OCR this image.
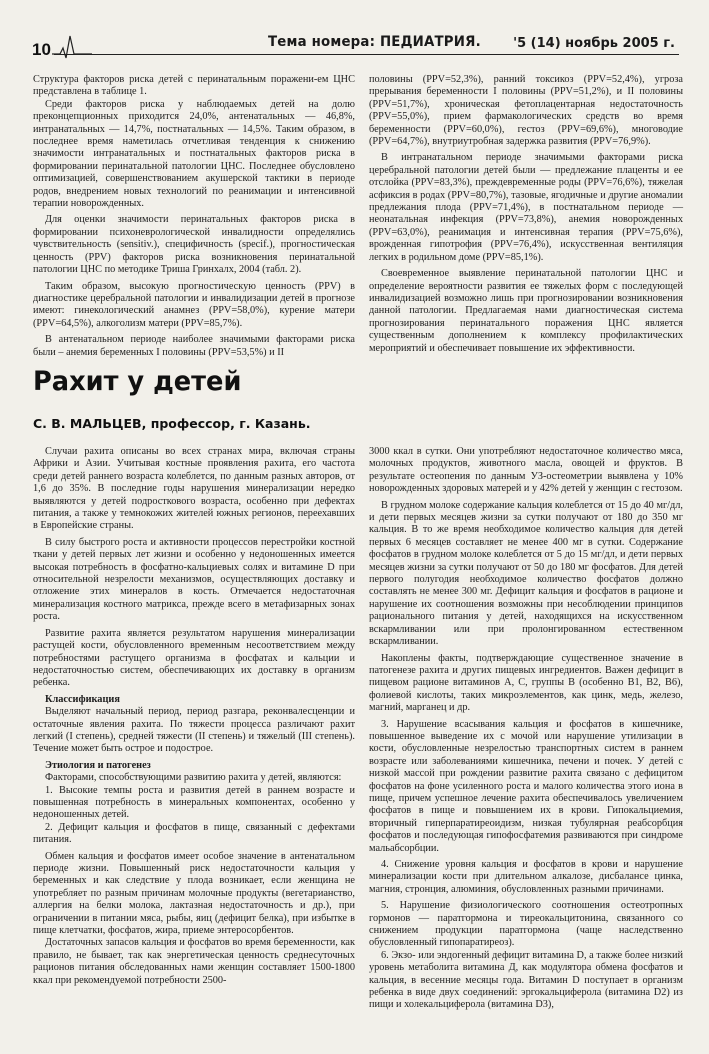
10	Тема номера: ПЕДИАТРИЯ. '5 (14) ноябрь 2005 г.

Структура факторов риска детей с перинатальным поражени-ем ЦНС представлена в таблице 1.

Среди факторов риска у наблюдаемых детей на долю преконцепционных приходится 24,0%, антенатальных — 46,8%, интранатальных — 14,7%, постнатальных — 14,5%. Таким образом, в последнее время наметилась отчетливая тенденция к снижению значимости интранатальных и постнатальных факторов риска в формировании перинатальной патологии ЦНС. Последнее обусловлено оптимизацией, совершенствованием акушерской тактики в периоде родов, внедрением новых технологий по реанимации и интенсивной терапии новорожденных.

Для оценки значимости перинатальных факторов риска в формировании психоневрологической инвалидности определялись чувствительность (sensitiv.), специфичность (specif.), прогностическая ценность (PPV) факторов риска возникновения перинатальной патологии ЦНС по методике Триша Гринхалх, 2004 (табл. 2).

Таким образом, высокую прогностическую ценность (PPV) в диагностике церебральной патологии и инвалидизации детей в прогнозе имеют: гинекологический анамнез (PPV=58,0%), курение матери (PPV=64,5%), алкоголизм матери (PPV=85,7%).

В антенатальном периоде наиболее значимыми факторами риска были – анемия беременных I половины (PPV=53,5%) и II

половины (PPV=52,3%), ранний токсикоз (PPV=52,4%), угроза прерывания беременности I половины (PPV=51,2%), и II половины (PPV=51,7%), хроническая фетоплацентарная недостаточность (PPV=55,0%), прием фармакологических средств во время беременности (PPV=60,0%), гестоз (PPV=69,6%), многоводие (PPV=64,7%), внутриутробная задержка развития (PPV=76,9%).

В интранатальном периоде значимыми факторами риска церебральной патологии детей были — предлежание плаценты и ее отслойка (PPV=83,3%), преждевременные роды (PPV=76,6%), тяжелая асфиксия в родах (PPV=80,7%), тазовые, ягодичные и другие аномалии предлежания плода (PPV=71,4%), в постнатальном периоде — неонатальная инфекция (PPV=73,8%), анемия новорожденных (PPV=63,0%), реанимация и интенсивная терапия (PPV=75,6%), врожденная гипотрофия (PPV=76,4%), искусственная вентиляция легких в родильном доме (PPV=85,1%).

Своевременное выявление перинатальной патологии ЦНС и определение вероятности развития ее тяжелых форм с последующей инвалидизацией возможно лишь при прогнозировании возникновения данной патологии. Предлагаемая нами диагностическая система прогнозирования перинатального поражения ЦНС является существенным дополнением к комплексу профилактических мероприятий и обеспечивает повышение их эффективности.

Рахит у детей
С. В. МАЛЬЦЕВ, профессор, г. Казань.

Случаи рахита описаны во всех странах мира, включая страны Африки и Азии. Учитывая костные проявления рахита, его частота среди детей раннего возраста колеблется, по данным разных авторов, от 1,6 до 35%. В последние годы нарушения минерализации нередко выявляются у детей подросткового возраста, особенно при дефектах питания, а также у темнокожих жителей южных регионов, переехавших в Европейские страны.

В силу быстрого роста и активности процессов перестройки костной ткани у детей первых лет жизни и особенно у недоношенных имеется высокая потребность в фосфатно-кальциевых солях и витамине D при относительной незрелости механизмов, осуществляющих доставку и отложение этих минералов в кость. Отмечается недостаточная минерализация костного матрикса, прежде всего в метафизарных зонах роста.

Развитие рахита является результатом нарушения минерализации растущей кости, обусловленного временным несоответствием между потребностями растущего организма в фосфатах и кальции и недостаточностью систем, обеспечивающих их доставку в организм ребенка.

Классификация

Выделяют начальный период, период разгара, реконвалесценции и остаточные явления рахита. По тяжести процесса различают рахит легкий (I степень), средней тяжести (II степень) и тяжелый (III степень). Течение может быть острое и подострое.

Этиология и патогенез

Факторами, способствующими развитию рахита у детей, являются:

1. Высокие темпы роста и развития детей в раннем возрасте и повышенная потребность в минеральных компонентах, особенно у недоношенных детей.

2. Дефицит кальция и фосфатов в пище, связанный с дефектами питания.

Обмен кальция и фосфатов имеет особое значение в антенатальном периоде жизни. Повышенный риск недостаточности кальция у беременных и как следствие у плода возникает, если женщина не употребляет по разным причинам молочные продукты (вегетарианство, аллергия на белки молока, лактазная недостаточность и др.), при ограничении в питании мяса, рыбы, яиц (дефицит белка), при избытке в пище клетчатки, фосфатов, жира, приеме энтеросорбентов.

Достаточных запасов кальция и фосфатов во время беременности, как правило, не бывает, так как энергетическая ценность среднесуточных рационов питания обследованных нами женщин составляет 1500-1800 ккал при рекомендуемой потребности 2500-

3000 ккал в сутки. Они употребляют недостаточное количество мяса, молочных продуктов, животного масла, овощей и фруктов. В результате остеопения по данным УЗ-остеометрии выявлена у 10% новорожденных здоровых матерей и у 42% детей у женщин с гестозом.

В грудном молоке содержание кальция колеблется от 15 до 40 мг/дл, и дети первых месяцев жизни за сутки получают от 180 до 350 мг кальция. В то же время необходимое количество кальция для детей первых 6 месяцев составляет не менее 400 мг в сутки. Содержание фосфатов в грудном молоке колеблется от 5 до 15 мг/дл, и дети первых месяцев жизни за сутки получают от 50 до 180 мг фосфатов. Для детей первого полугодия необходимое количество фосфатов должно составлять не менее 300 мг. Дефицит кальция и фосфатов в рационе и нарушение их соотношения возможны при несоблюдении принципов рационального питания у детей, находящихся на искусственном вскармливании или при пролонгированном естественном вскармливании.

Накоплены факты, подтверждающие существенное значение в патогенезе рахита и других пищевых ингредиентов. Важен дефицит в пищевом рационе витаминов А, С, группы В (особенно В1, В2, В6), фолиевой кислоты, таких микроэлементов, как цинк, медь, железо, магний, марганец и др.

3. Нарушение всасывания кальция и фосфатов в кишечнике, повышенное выведение их с мочой или нарушение утилизации в кости, обусловленные незрелостью транспортных систем в раннем возрасте или заболеваниями кишечника, печени и почек. У детей с низкой массой при рождении развитие рахита связано с дефицитом фосфатов на фоне усиленного роста и малого количества этого иона в пище, причем успешное лечение рахита обеспечивалось увеличением фосфатов в пище и повышением их в крови. Гипокальциемия, вторичный гиперпаратиреоидизм, низкая тубулярная реабсорбция фосфатов и последующая гипофосфатемия развиваются при синдроме мальабсорбции.

4. Снижение уровня кальция и фосфатов в крови и нарушение минерализации кости при длительном алкалозе, дисбалансе цинка, магния, стронция, алюминия, обусловленных разными причинами.

5. Нарушение физиологического соотношения остеотропных гормонов — паратгормона и тиреокальцитонина, связанного со снижением продукции паратгормона (чаще наследственно обусловленный гипопаратиреоз).

6. Экзо- или эндогенный дефицит витамина D, а также более низкий уровень метаболита витамина Д, как модулятора обмена фосфатов и кальция, в весенние месяцы года. Витамин D поступает в организм ребенка в виде двух соединений: эргокальциферола (витамина D2) из пищи и холекальциферола (витамина D3),
